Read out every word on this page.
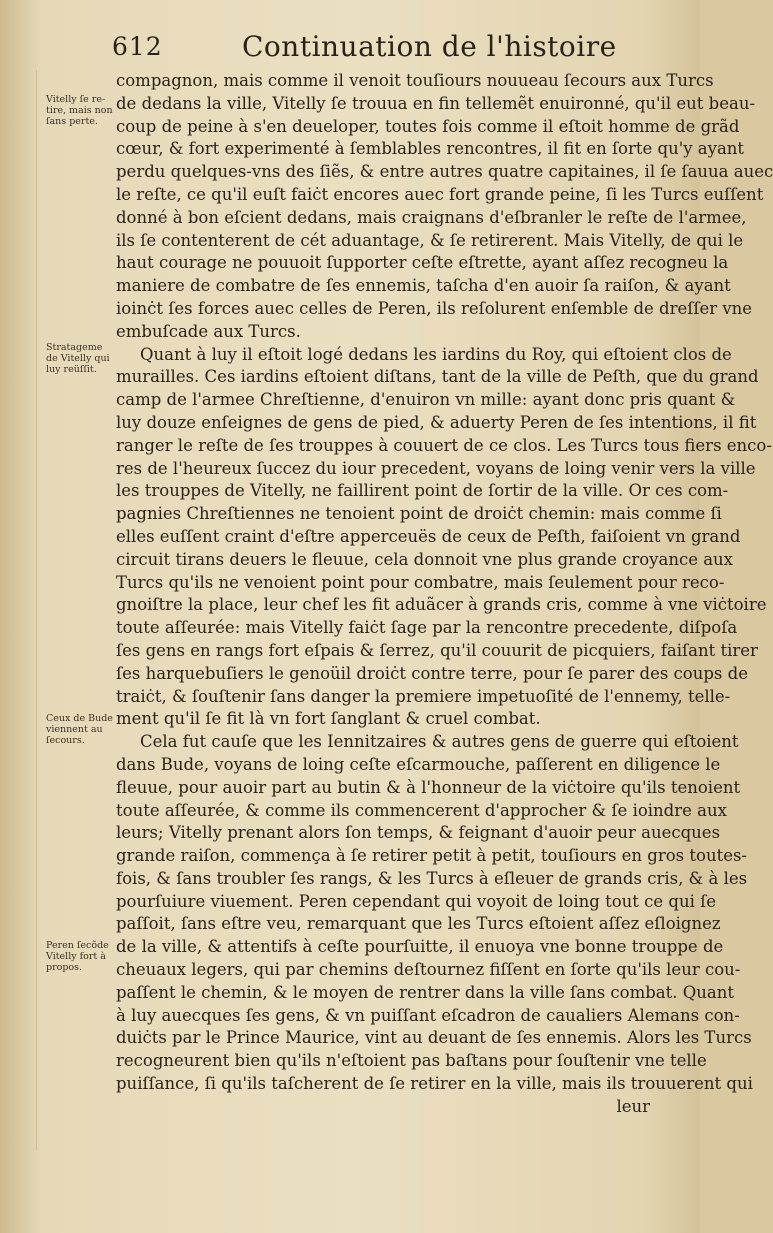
612	Continuation de l'histoire
Vitelly ſe re-
tire, mais non
ſans perte.
Stratageme
de Vitelly qui
luy reüſſit.
Ceux de Bude
viennent au
ſecours.
Peren ſecõde
Vitelly fort à
propos.
compagnon, mais comme il venoit touſiours nouueau ſecours aux Turcs
de dedans la ville, Vitelly ſe trouua en fin tellemẽt enuironné, qu'il eut beau-
coup de peine à s'en deueloper, toutes fois comme il eſtoit homme de grãd
cœur, & fort experimenté à ſemblables rencontres, il fit en ſorte qu'y ayant
perdu quelques-vns des ſiẽs, & entre autres quatre capitaines, il ſe ſauua auec
le reſte, ce qu'il euſt faiċt encores auec fort grande peine, ſi les Turcs euſſent
donné à bon eſcient dedans, mais craignans d'eſbranler le reſte de l'armee,
ils ſe contenterent de cét aduantage, & ſe retirerent. Mais Vitelly, de qui le
haut courage ne pouuoit ſupporter ceſte eſtrette, ayant aſſez recogneu la
maniere de combatre de ſes ennemis, taſcha d'en auoir ſa raiſon, & ayant
ioinċt ſes forces auec celles de Peren, ils reſolurent enſemble de dreſſer vne
embuſcade aux Turcs.
Quant à luy il eſtoit logé dedans les iardins du Roy, qui eſtoient clos de
murailles. Ces iardins eſtoient diſtans, tant de la ville de Peſth, que du grand
camp de l'armee Chreſtienne, d'enuiron vn mille: ayant donc pris quant &
luy douze enſeignes de gens de pied, & aduerty Peren de ſes intentions, il fit
ranger le reſte de ſes trouppes à couuert de ce clos. Les Turcs tous fiers enco-
res de l'heureux ſuccez du iour precedent, voyans de loing venir vers la ville
les trouppes de Vitelly, ne faillirent point de ſortir de la ville. Or ces com-
pagnies Chreſtiennes ne tenoient point de droiċt chemin: mais comme ſi
elles euſſent craint d'eſtre apperceuës de ceux de Peſth, faiſoient vn grand
circuit tirans deuers le fleuue, cela donnoit vne plus grande croyance aux
Turcs qu'ils ne venoient point pour combatre, mais ſeulement pour reco-
gnoiſtre la place, leur chef les fit aduãcer à grands cris, comme à vne viċtoire
toute aſſeurée: mais Vitelly faiċt ſage par la rencontre precedente, diſpoſa
ſes gens en rangs fort eſpais & ſerrez, qu'il couurit de picquiers, faiſant tirer
ſes harquebuſiers le genoüil droiċt contre terre, pour ſe parer des coups de
traiċt, & ſouſtenir ſans danger la premiere impetuoſité de l'ennemy, telle-
ment qu'il ſe fit là vn fort ſanglant & cruel combat.
Cela fut cauſe que les Iennitzaires & autres gens de guerre qui eſtoient
dans Bude, voyans de loing ceſte eſcarmouche, paſſerent en diligence le
fleuue, pour auoir part au butin & à l'honneur de la viċtoire qu'ils tenoient
toute aſſeurée, & comme ils commencerent d'approcher & ſe ioindre aux
leurs; Vitelly prenant alors ſon temps, & feignant d'auoir peur auecques
grande raiſon, commença à ſe retirer petit à petit, touſiours en gros toutes-
fois, & ſans troubler ſes rangs, & les Turcs à eſleuer de grands cris, & à les
pourſuiure viuement. Peren cependant qui voyoit de loing tout ce qui ſe
paſſoit, ſans eſtre veu, remarquant que les Turcs eſtoient aſſez eſloignez
de la ville, & attentifs à ceſte pourſuitte, il enuoya vne bonne trouppe de
cheuaux legers, qui par chemins deſtournez fiſſent en ſorte qu'ils leur cou-
paſſent le chemin, & le moyen de rentrer dans la ville ſans combat. Quant
à luy auecques ſes gens, & vn puiſſant eſcadron de caualiers Alemans con-
duiċts par le Prince Maurice, vint au deuant de ſes ennemis. Alors les Turcs
recogneurent bien qu'ils n'eſtoient pas baſtans pour ſouſtenir vne telle
puiſſance, ſi qu'ils taſcherent de ſe retirer en la ville, mais ils trouuerent qui
leur
